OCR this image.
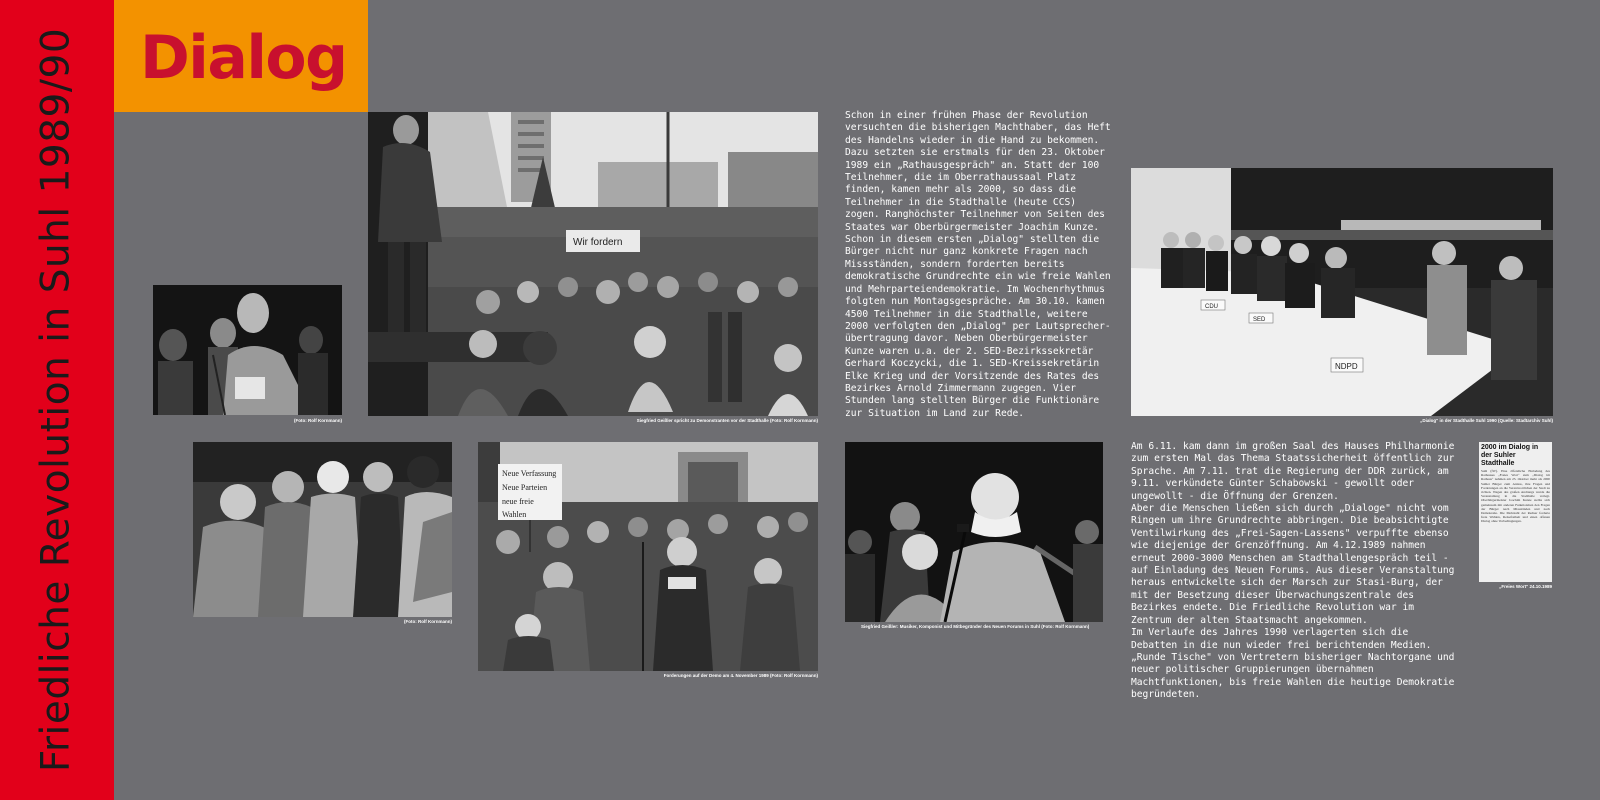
Friedliche Revolution in Suhl 1989/90 Dialog
(Foto: Rolf Kornmann)
Wir fordern
Siegfried Geißler spricht zu Demonstranten vor der Stadthalle (Foto: Rolf Kornmann)
CDU
SED
NDPD
„Dialog" in der Stadthalle Suhl 1990 (Quelle: Stadtarchiv Suhl)
(Foto: Rolf Kornmann)
Neue Verfassung
Neue Parteien
neue freie
Wahlen
Forderungen auf der Demo am 4. November 1989 (Foto: Rolf Kornmann)
Siegfried Geißler: Musiker, Komponist und Mitbegründer des Neuen Forums in Suhl (Foto: Rolf Kornmann)
Schon in einer frühen Phase der Revolution
versuchten die bisherigen Machthaber, das Heft
des Handelns wieder in die Hand zu bekommen.
Dazu setzten sie erstmals für den 23. Oktober
1989 ein „Rathausgespräch" an. Statt der 100
Teilnehmer, die im Oberrathaussaal Platz
finden, kamen mehr als 2000, so dass die
Teilnehmer in die Stadthalle (heute CCS)
zogen. Ranghöchster Teilnehmer von Seiten des
Staates war Oberbürgermeister Joachim Kunze.
Schon in diesem ersten „Dialog" stellten die
Bürger nicht nur ganz konkrete Fragen nach
Missständen, sondern forderten bereits
demokratische Grundrechte ein wie freie Wahlen
und Mehrparteiendemokratie. Im Wochenrhythmus
folgten nun Montagsgespräche. Am 30.10. kamen
4500 Teilnehmer in die Stadthalle, weitere
2000 verfolgten den „Dialog" per Lautsprecher-
übertragung davor. Neben Oberbürgermeister
Kunze waren u.a. der 2. SED-Bezirkssekretär
Gerhard Koczycki, die 1. SED-Kreissekretärin
Elke Krieg und der Vorsitzende des Rates des
Bezirkes Arnold Zimmermann zugegen. Vier
Stunden lang stellten Bürger die Funktionäre
zur Situation im Land zur Rede.
Am 6.11. kam dann im großen Saal des Hauses Philharmonie
zum ersten Mal das Thema Staatssicherheit öffentlich zur
Sprache. Am 7.11. trat die Regierung der DDR zurück, am
9.11. verkündete Günter Schabowski - gewollt oder
ungewollt - die Öffnung der Grenzen.
Aber die Menschen ließen sich durch „Dialoge" nicht vom
Ringen um ihre Grundrechte abbringen. Die beabsichtigte
Ventilwirkung des „Frei-Sagen-Lassens" verpuffte ebenso
wie diejenige der Grenzöffnung. Am 4.12.1989 nahmen
erneut 2000-3000 Menschen am Stadthallengespräch teil -
auf Einladung des Neuen Forums. Aus dieser Veranstaltung
heraus entwickelte sich der Marsch zur Stasi-Burg, der
mit der Besetzung dieser Überwachungszentrale des
Bezirkes endete. Die Friedliche Revolution war im
Zentrum der alten Staatsmacht angekommen.
Im Verlaufe des Jahres 1990 verlagerten sich die
Debatten in die nun wieder frei berichtenden Medien.
„Runde Tische" von Vertretern bisheriger Nachtorgane und
neuer politischer Gruppierungen übernahmen
Machtfunktionen, bis freie Wahlen die heutige Demokratie
begründeten.
2000 im Dialog in der Suhler Stadthalle
Suhl (fW). Eine öffentliche Einladung des Rathauses „Freies Wort“ zum „Dialog im Rathaus“ nahmen am 23. Oktober mehr als 2000 Suhler Bürger zum Anlass, ihre Fragen und Forderungen an die Verantwortlichen der Stadt zu richten. Wegen des großen Andrangs wurde die Veranstaltung in die Stadthalle verlegt. Oberbürgermeister Joachim Kunze stellte sich gemeinsam mit anderen Funktionären den Fragen der Bürger nach Missständen und nach Demokratie. Die Mehrzahl der Redner forderte freie Wahlen, Reisefreiheit und einen offenen Dialog ohne Vorbedingungen.
„Freies Wort" 24.10.1989
